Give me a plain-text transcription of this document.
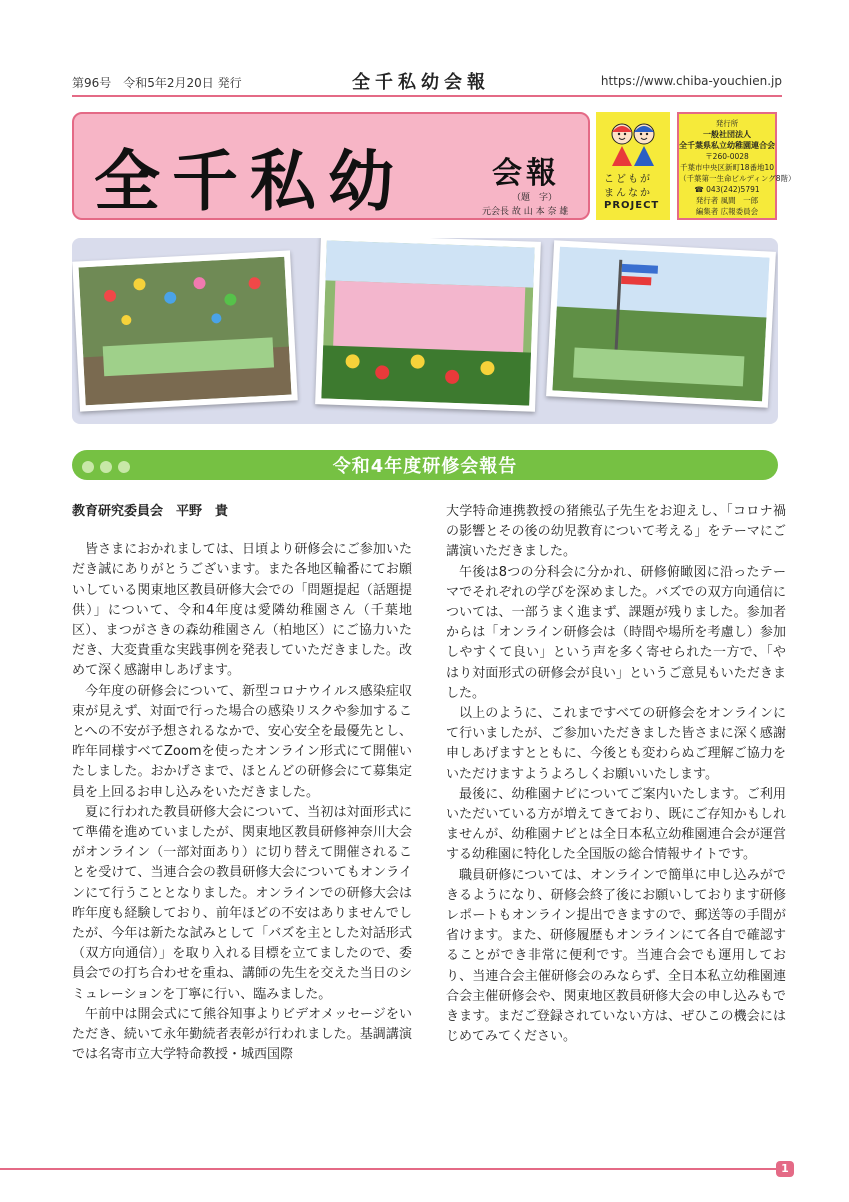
第96号　令和5年2月20日 発行	全千私幼会報	https://www.chiba-youchien.jp
全千私幼	会報
（題　字）
元会長 故 山 本 奈 雄
こどもが
まんなか
PROJECT
発行所
一般社団法人
全千葉県私立幼稚園連合会
〒260-0028
千葉市中央区新町18番地10
（千葉第一生命ビルディング8階）
☎ 043(242)5791
発行者 風間　一郎
編集者 広報委員会
令和4年度研修会報告

教育研究委員会　平野　貴

皆さまにおかれましては、日頃より研修会にご参加いただき誠にありがとうございます。また各地区輪番にてお願いしている関東地区教員研修大会での「問題提起（話題提供）」について、令和4年度は愛隣幼稚園さん（千葉地区）、まつがさきの森幼稚園さん（柏地区）にご協力いただき、大変貴重な実践事例を発表していただきました。改めて深く感謝申しあげます。

今年度の研修会について、新型コロナウイルス感染症収束が見えず、対面で行った場合の感染リスクや参加することへの不安が予想されるなかで、安心安全を最優先とし、昨年同様すべてZoomを使ったオンライン形式にて開催いたしました。おかげさまで、ほとんどの研修会にて募集定員を上回るお申し込みをいただきました。

夏に行われた教員研修大会について、当初は対面形式にて準備を進めていましたが、関東地区教員研修神奈川大会がオンライン（一部対面あり）に切り替えて開催されることを受けて、当連合会の教員研修大会についてもオンラインにて行うこととなりました。オンラインでの研修大会は昨年度も経験しており、前年ほどの不安はありませんでしたが、今年は新たな試みとして「バズを主とした対話形式（双方向通信）」を取り入れる目標を立てましたので、委員会での打ち合わせを重ね、講師の先生を交えた当日のシミュレーションを丁寧に行い、臨みました。

午前中は開会式にて熊谷知事よりビデオメッセージをいただき、続いて永年勤続者表彰が行われました。基調講演では名寄市立大学特命教授・城西国際

大学特命連携教授の猪熊弘子先生をお迎えし、「コロナ禍の影響とその後の幼児教育について考える」をテーマにご講演いただきました。

午後は8つの分科会に分かれ、研修俯瞰図に沿ったテーマでそれぞれの学びを深めました。バズでの双方向通信については、一部うまく進まず、課題が残りました。参加者からは「オンライン研修会は（時間や場所を考慮し）参加しやすくて良い」という声を多く寄せられた一方で、「やはり対面形式の研修会が良い」というご意見もいただきました。

以上のように、これまですべての研修会をオンラインにて行いましたが、ご参加いただきました皆さまに深く感謝申しあげますとともに、今後とも変わらぬご理解ご協力をいただけますようよろしくお願いいたします。

最後に、幼稚園ナビについてご案内いたします。ご利用いただいている方が増えてきており、既にご存知かもしれませんが、幼稚園ナビとは全日本私立幼稚園連合会が運営する幼稚園に特化した全国版の総合情報サイトです。

職員研修については、オンラインで簡単に申し込みができるようになり、研修会終了後にお願いしております研修レポートもオンライン提出できますので、郵送等の手間が省けます。また、研修履歴もオンラインにて各自で確認することができ非常に便利です。当連合会でも運用しており、当連合会主催研修会のみならず、全日本私立幼稚園連合会主催研修会や、関東地区教員研修大会の申し込みもできます。まだご登録されていない方は、ぜひこの機会にはじめてみてください。

1
